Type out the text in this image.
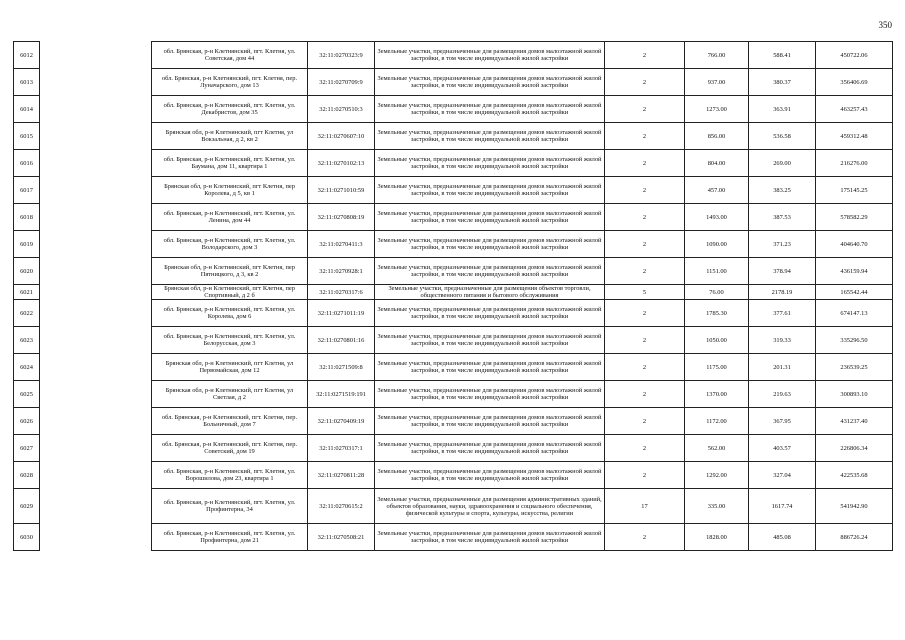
350
6012		обл. Брянская, р-н Клетнянский, пгт. Клетня, ул. Советская, дом 44	32:11:0270323:9	Земельные участки, предназначенные для размещения домов малоэтажной жилой застройки, в том числе индивидуальной жилой застройки	2	766.00	588.41	450722.06
6013		обл. Брянская, р-н Клетнянский, пгт. Клетня, пер. Луначарского, дом 13	32:11:0270709:9	Земельные участки, предназначенные для размещения домов малоэтажной жилой застройки, в том числе индивидуальной жилой застройки	2	937.00	380.37	356406.69
6014		обл. Брянская, р-н Клетнянский, пгт. Клетня, ул. Декабристов, дом 35	32:11:0270510:3	Земельные участки, предназначенные для размещения домов малоэтажной жилой застройки, в том числе индивидуальной жилой застройки	2	1273.00	363.91	463257.43
6015		Брянская обл, р-н Клетнянский, пгт Клетня, ул Вокзальная, д 2, кв 2	32:11:0270607:10	Земельные участки, предназначенные для размещения домов малоэтажной жилой застройки, в том числе индивидуальной жилой застройки	2	856.00	536.58	459312.48
6016		обл. Брянская, р-н Клетнянский, пгт. Клетня, ул. Баумана, дом 11, квартира 1	32:11:0270102:13	Земельные участки, предназначенные для размещения домов малоэтажной жилой застройки, в том числе индивидуальной жилой застройки	2	804.00	269.00	216276.00
6017		Брянская обл, р-н Клетнянский, пгт Клетня, пер Королева, д 5, кв 1	32:11:0271010:59	Земельные участки, предназначенные для размещения домов малоэтажной жилой застройки, в том числе индивидуальной жилой застройки	2	457.00	383.25	175145.25
6018		обл. Брянская, р-н Клетнянский, пгт. Клетня, ул. Ленина, дом 44	32:11:0270808:19	Земельные участки, предназначенные для размещения домов малоэтажной жилой застройки, в том числе индивидуальной жилой застройки	2	1493.00	387.53	578582.29
6019		обл. Брянская, р-н Клетнянский, пгт. Клетня, ул. Володарского, дом 3	32:11:0270411:3	Земельные участки, предназначенные для размещения домов малоэтажной жилой застройки, в том числе индивидуальной жилой застройки	2	1090.00	371.23	404640.70
6020		Брянская обл, р-н Клетнянский, пгт Клетня, пер Пятницкого, д 3, кв 2	32:11:0270928:1	Земельные участки, предназначенные для размещения домов малоэтажной жилой застройки, в том числе индивидуальной жилой застройки	2	1151.00	378.94	436159.94
6021		Брянская обл, р-н Клетнянский, пгт Клетня, пер Спортивный, д 2 б	32:11:0270317:6	Земельные участки, предназначенные для размещения объектов торговли, общественного питания и бытового обслуживания	5	76.00	2178.19	165542.44
6022		обл. Брянская, р-н Клетнянский, пгт. Клетня, ул. Королева, дом 6	32:11:0271011:19	Земельные участки, предназначенные для размещения домов малоэтажной жилой застройки, в том числе индивидуальной жилой застройки	2	1785.30	377.61	674147.13
6023		обл. Брянская, р-н Клетнянский, пгт. Клетня, ул. Белорусская, дом 3	32:11:0270801:16	Земельные участки, предназначенные для размещения домов малоэтажной жилой застройки, в том числе индивидуальной жилой застройки	2	1050.00	319.33	335296.50
6024		Брянская обл, р-н Клетнянский, пгт Клетня, ул Первомайская, дом 12	32:11:0271509:8	Земельные участки, предназначенные для размещения домов малоэтажной жилой застройки, в том числе индивидуальной жилой застройки	2	1175.00	201.31	236539.25
6025		Брянская обл, р-н Клетнянский, пгт Клетня, ул Светлая, д 2	32:11:0271519:191	Земельные участки, предназначенные для размещения домов малоэтажной жилой застройки, в том числе индивидуальной жилой застройки	2	1370.00	219.63	300893.10
6026		обл. Брянская, р-н Клетнянский, пгт. Клетня, пер. Больничный, дом 7	32:11:0270409:19	Земельные участки, предназначенные для размещения домов малоэтажной жилой застройки, в том числе индивидуальной жилой застройки	2	1172.00	367.95	431237.40
6027		обл. Брянская, р-н Клетнянский, пгт. Клетня, пер. Советский, дом 19	32:11:0270317:1	Земельные участки, предназначенные для размещения домов малоэтажной жилой застройки, в том числе индивидуальной жилой застройки	2	562.00	403.57	226806.34
6028		обл. Брянская, р-н Клетнянский, пгт. Клетня, ул. Ворошилова, дом 23, квартира 1	32:11:0270811:28	Земельные участки, предназначенные для размещения домов малоэтажной жилой застройки, в том числе индивидуальной жилой застройки	2	1292.00	327.04	422535.68
6029		обл. Брянская, р-н Клетнянский, пгт. Клетня, ул. Профинтерна, 34	32:11:0270615:2	Земельные участки, предназначенные для размещения административных зданий, объектов образования, науки, здравоохранения и социального обеспечения, физической культуры и спорта, культуры, искусства, религии	17	335.00	1617.74	541942.90
6030		обл. Брянская, р-н Клетнянский, пгт. Клетня, ул. Профинтерна, дом 21	32:11:0270508:21	Земельные участки, предназначенные для размещения домов малоэтажной жилой застройки, в том числе индивидуальной жилой застройки	2	1828.00	485.08	886726.24
